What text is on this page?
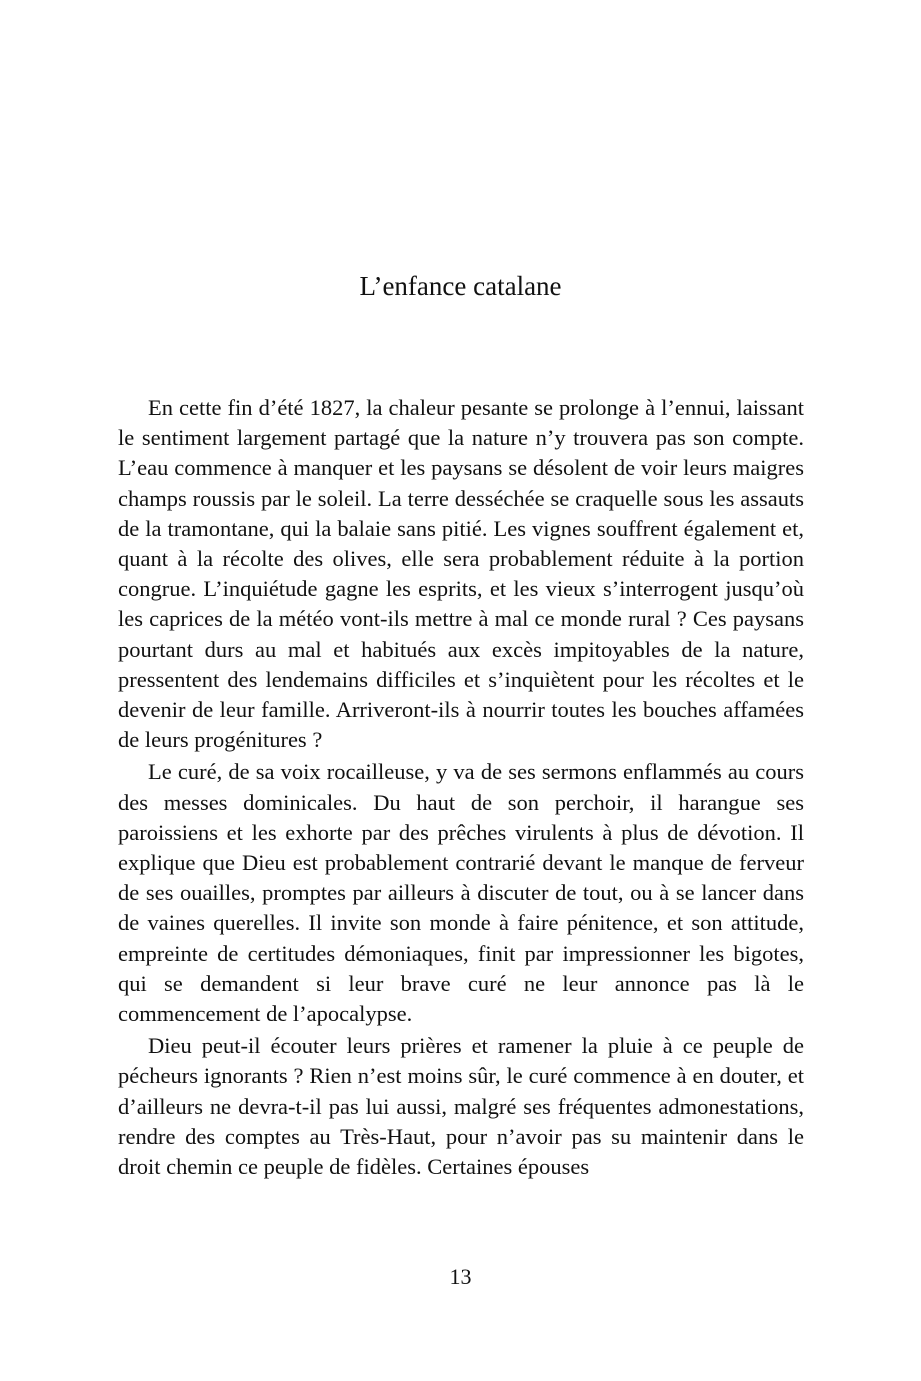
L’enfance catalane

En cette fin d’été 1827, la chaleur pesante se prolonge à l’ennui, laissant le sentiment largement partagé que la nature n’y trouvera pas son compte. L’eau commence à manquer et les paysans se désolent de voir leurs maigres champs roussis par le soleil. La terre desséchée se craquelle sous les assauts de la tramontane, qui la balaie sans pitié. Les vignes souffrent également et, quant à la récolte des olives, elle sera probablement réduite à la portion congrue. L’inquiétude gagne les esprits, et les vieux s’interrogent jusqu’où les caprices de la météo vont-ils mettre à mal ce monde rural ? Ces paysans pourtant durs au mal et habitués aux excès impitoyables de la nature, pressentent des lendemains difficiles et s’inquiètent pour les récoltes et le devenir de leur famille. Arriveront-ils à nourrir toutes les bouches affamées de leurs progénitures ?

Le curé, de sa voix rocailleuse, y va de ses sermons enflammés au cours des messes dominicales. Du haut de son perchoir, il harangue ses paroissiens et les exhorte par des prêches virulents à plus de dévotion. Il explique que Dieu est probablement contrarié devant le manque de ferveur de ses ouailles, promptes par ailleurs à discuter de tout, ou à se lancer dans de vaines querelles. Il invite son monde à faire pénitence, et son attitude, empreinte de certitudes démoniaques, finit par impressionner les bigotes, qui se demandent si leur brave curé ne leur annonce pas là le commencement de l’apocalypse.

Dieu peut-il écouter leurs prières et ramener la pluie à ce peuple de pécheurs ignorants ? Rien n’est moins sûr, le curé commence à en douter, et d’ailleurs ne devra-t-il pas lui aussi, malgré ses fréquentes admonestations, rendre des comptes au Très-Haut, pour n’avoir pas su maintenir dans le droit chemin ce peuple de fidèles. Certaines épouses

13
